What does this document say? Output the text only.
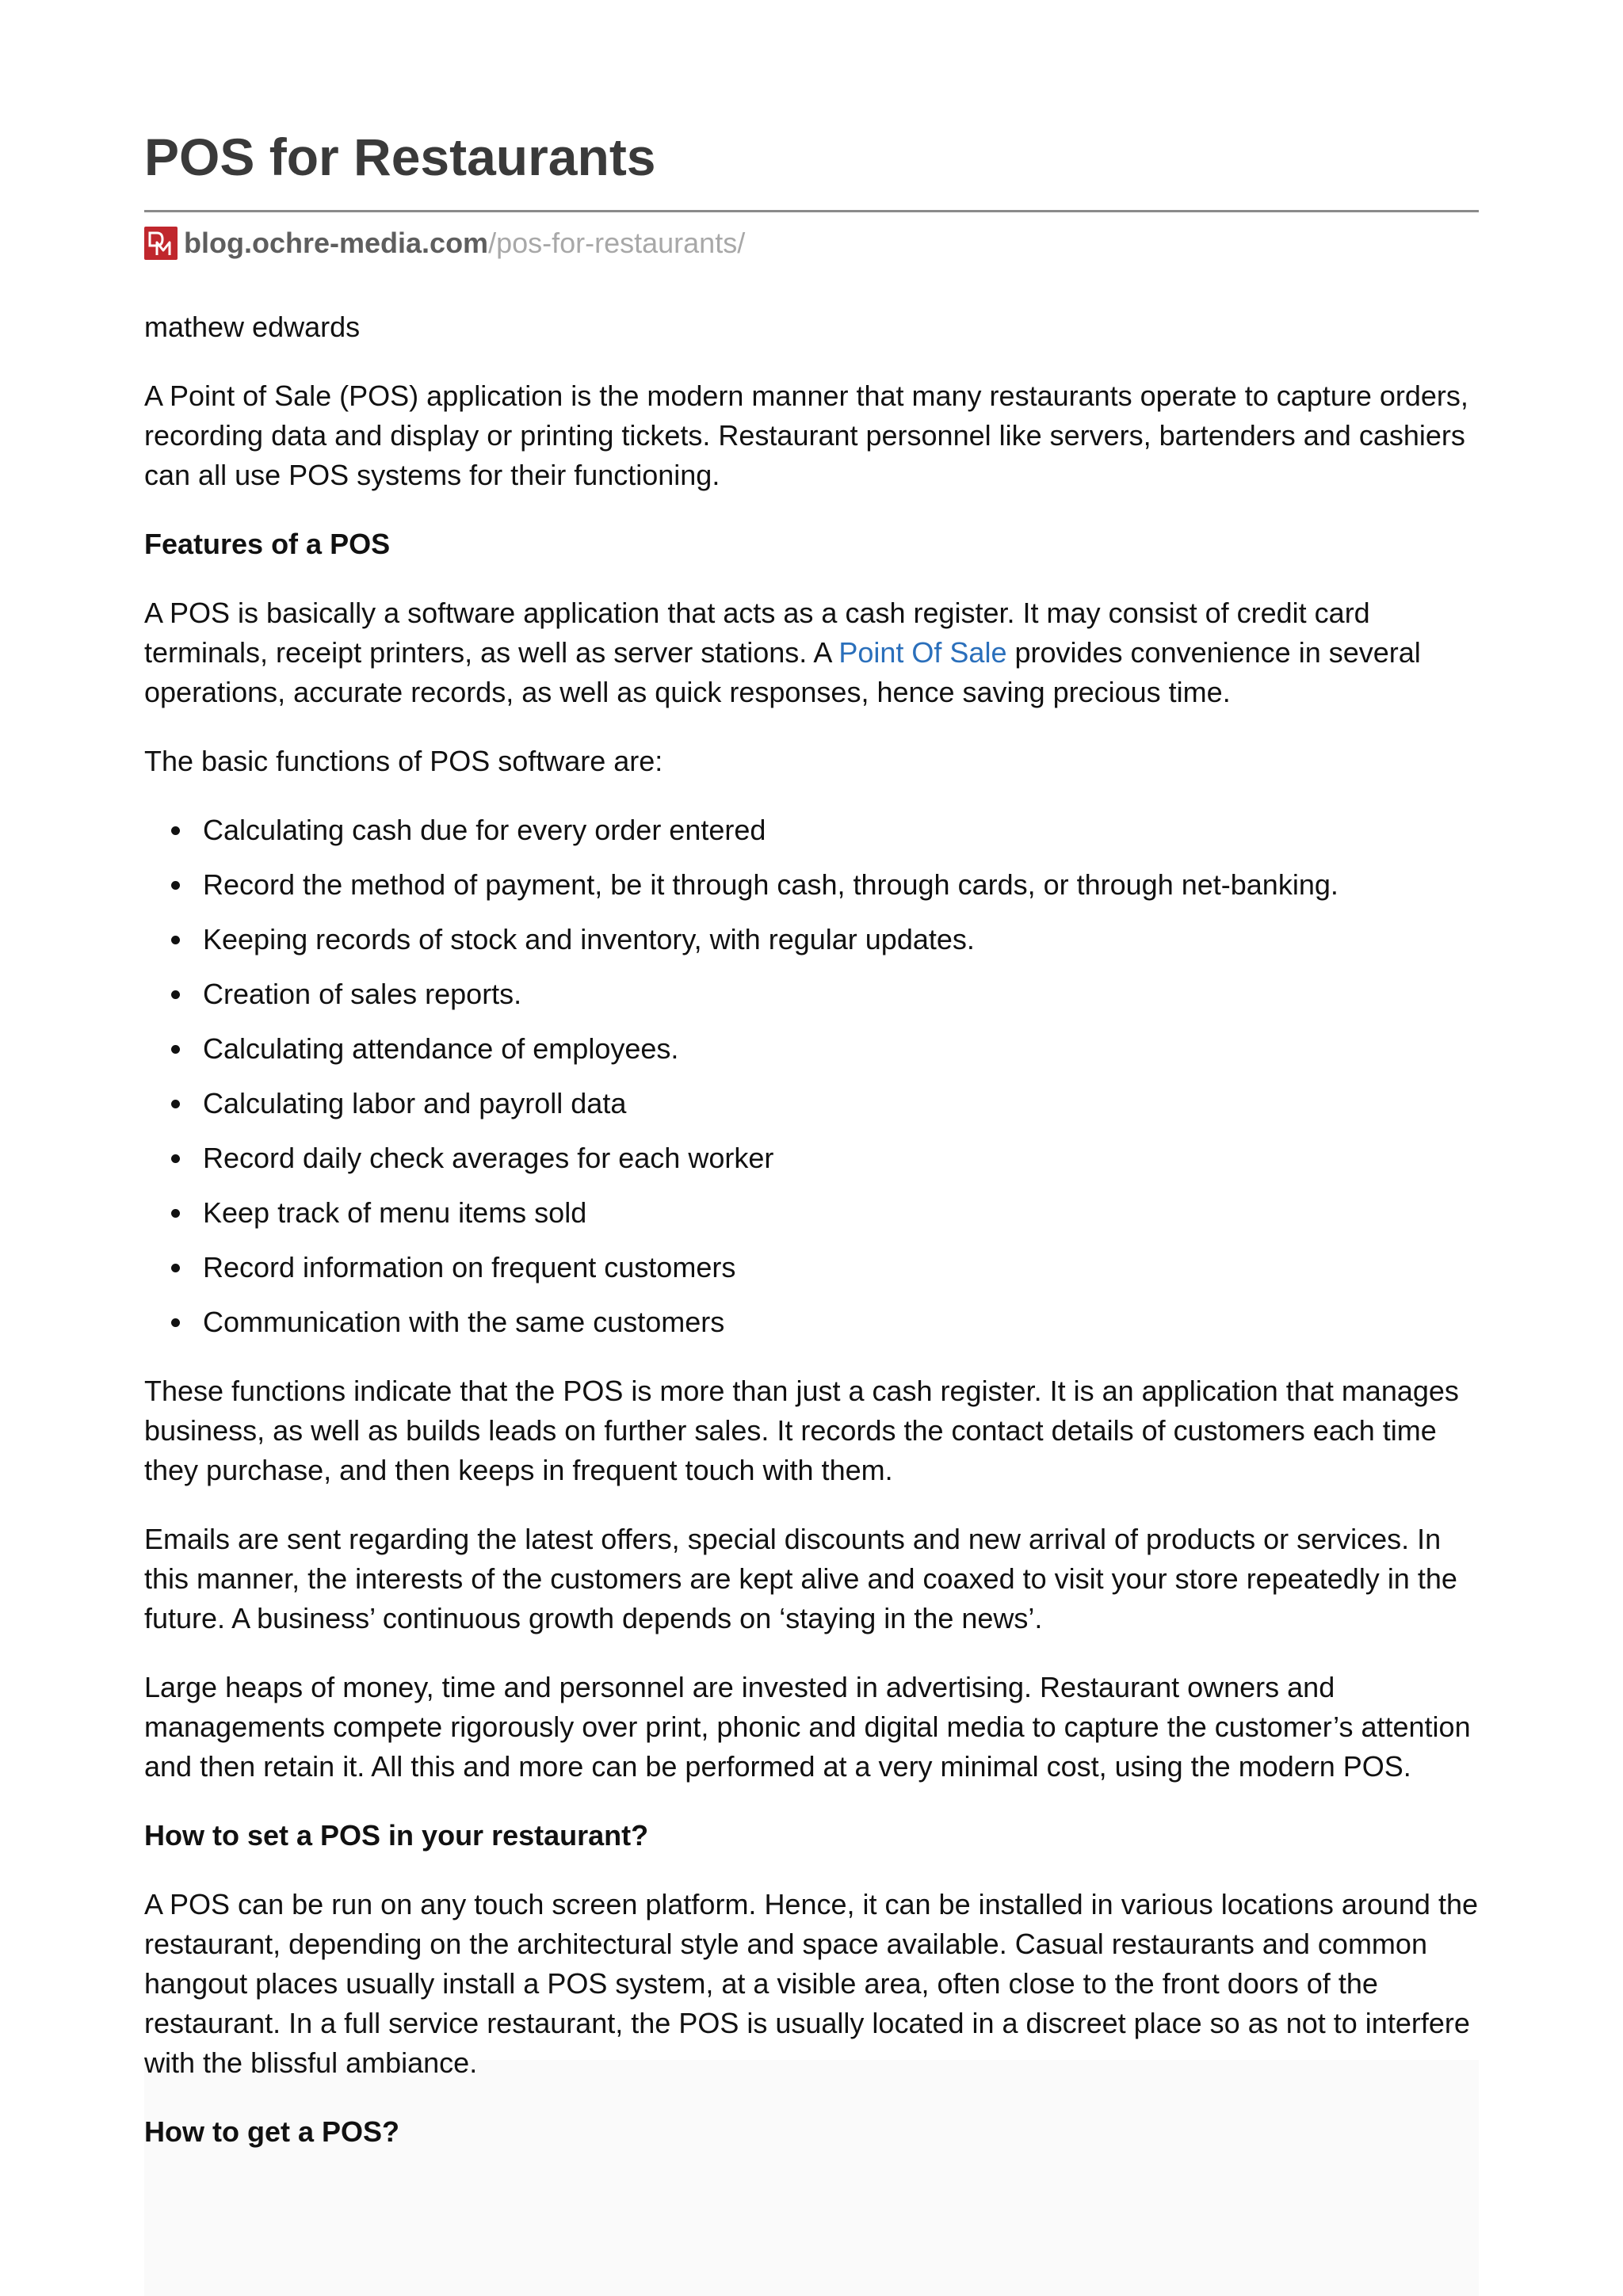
POS for Restaurants
blog.ochre-media.com /pos-for-restaurants/

mathew edwards

A Point of Sale (POS) application is the modern manner that many restaurants operate to capture orders, recording data and display or printing tickets. Restaurant personnel like servers, bartenders and cashiers can all use POS systems for their functioning.

Features of a POS

A POS is basically a software application that acts as a cash register. It may consist of credit card terminals, receipt printers, as well as server stations. A Point Of Sale provides convenience in several operations, accurate records, as well as quick responses, hence saving precious time.

The basic functions of POS software are:

Calculating cash due for every order entered
Record the method of payment, be it through cash, through cards, or through net-banking.
Keeping records of stock and inventory, with regular updates.
Creation of sales reports.
Calculating attendance of employees.
Calculating labor and payroll data
Record daily check averages for each worker
Keep track of menu items sold
Record information on frequent customers
Communication with the same customers

These functions indicate that the POS is more than just a cash register. It is an application that manages business, as well as builds leads on further sales. It records the contact details of customers each time they purchase, and then keeps in frequent touch with them.

Emails are sent regarding the latest offers, special discounts and new arrival of products or services. In this manner, the interests of the customers are kept alive and coaxed to visit your store repeatedly in the future. A business’ continuous growth depends on ‘staying in the news’.

Large heaps of money, time and personnel are invested in advertising. Restaurant owners and managements compete rigorously over print, phonic and digital media to capture the customer’s attention and then retain it. All this and more can be performed at a very minimal cost, using the modern POS.

How to set a POS in your restaurant?

A POS can be run on any touch screen platform. Hence, it can be installed in various locations around the restaurant, depending on the architectural style and space available. Casual restaurants and common hangout places usually install a POS system, at a visible area, often close to the front doors of the restaurant. In a full service restaurant, the POS is usually located in a discreet place so as not to interfere with the blissful ambiance.

How to get a POS?
